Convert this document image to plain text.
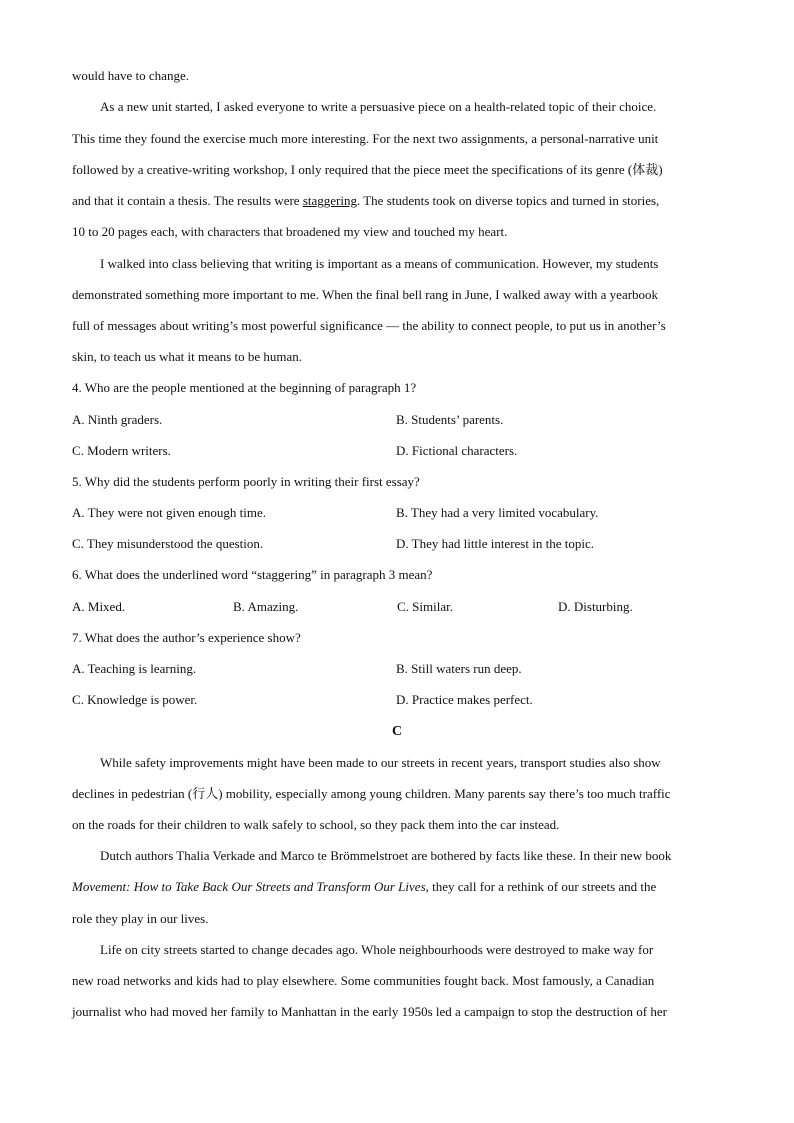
would have to change.
As a new unit started, I asked everyone to write a persuasive piece on a health-related topic of their choice.
This time they found the exercise much more interesting. For the next two assignments, a personal-narrative unit
followed by a creative-writing workshop, I only required that the piece meet the specifications of its genre (体裁)
and that it contain a thesis. The results were staggering. The students took on diverse topics and turned in stories,
10 to 20 pages each, with characters that broadened my view and touched my heart.
I walked into class believing that writing is important as a means of communication. However, my students
demonstrated something more important to me. When the final bell rang in June, I walked away with a yearbook
full of messages about writing’s most powerful significance — the ability to connect people, to put us in another’s
skin, to teach us what it means to be human.
4. Who are the people mentioned at the beginning of paragraph 1?
A. Ninth graders.	B. Students’ parents.
C. Modern writers.	D. Fictional characters.
5. Why did the students perform poorly in writing their first essay?
A. They were not given enough time.	B. They had a very limited vocabulary.
C. They misunderstood the question.	D. They had little interest in the topic.
6. What does the underlined word “staggering” in paragraph 3 mean?
A. Mixed.	B. Amazing.	C. Similar.	D. Disturbing.
7. What does the author’s experience show?
A. Teaching is learning.	B. Still waters run deep.
C. Knowledge is power.	D. Practice makes perfect.
C
While safety improvements might have been made to our streets in recent years, transport studies also show
declines in pedestrian (行人) mobility, especially among young children. Many parents say there’s too much traffic
on the roads for their children to walk safely to school, so they pack them into the car instead.
Dutch authors Thalia Verkade and Marco te Brömmelstroet are bothered by facts like these. In their new book
Movement: How to Take Back Our Streets and Transform Our Lives, they call for a rethink of our streets and the
role they play in our lives.
Life on city streets started to change decades ago. Whole neighbourhoods were destroyed to make way for
new road networks and kids had to play elsewhere. Some communities fought back. Most famously, a Canadian
journalist who had moved her family to Manhattan in the early 1950s led a campaign to stop the destruction of her
